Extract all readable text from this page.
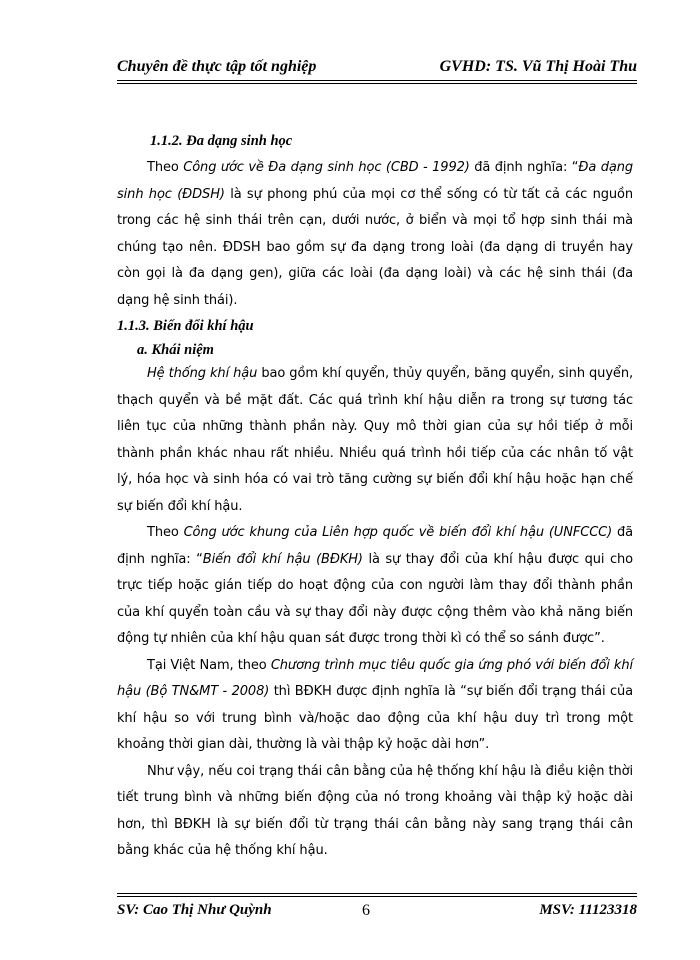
Chuyên đề thực tập tốt nghiệp	GVHD: TS. Vũ Thị Hoài Thu
1.1.2. Đa dạng sinh học

Theo Công ước về Đa dạng sinh học (CBD - 1992) đã định nghĩa: “Đa dạng sinh học (ĐDSH) là sự phong phú của mọi cơ thể sống có từ tất cả các nguồn trong các hệ sinh thái trên cạn, dưới nước, ở biển và mọi tổ hợp sinh thái mà chúng tạo nên. ĐDSH bao gồm sự đa dạng trong loài (đa dạng di truyền hay còn gọi là đa dạng gen), giữa các loài (đa dạng loài) và các hệ sinh thái (đa dạng hệ sinh thái).

1.1.3. Biến đổi khí hậu
a. Khái niệm

Hệ thống khí hậu bao gồm khí quyển, thủy quyển, băng quyển, sinh quyển, thạch quyển và bề mặt đất. Các quá trình khí hậu diễn ra trong sự tương tác liên tục của những thành phần này. Quy mô thời gian của sự hồi tiếp ở mỗi thành phần khác nhau rất nhiều. Nhiều quá trình hồi tiếp của các nhân tố vật lý, hóa học và sinh hóa có vai trò tăng cường sự biến đổi khí hậu hoặc hạn chế sự biến đổi khí hậu.

Theo Công ước khung của Liên hợp quốc về biến đổi khí hậu (UNFCCC) đã định nghĩa: “Biến đổi khí hậu (BĐKH) là sự thay đổi của khí hậu được qui cho trực tiếp hoặc gián tiếp do hoạt động của con người làm thay đổi thành phần của khí quyển toàn cầu và sự thay đổi này được cộng thêm vào khả năng biến động tự nhiên của khí hậu quan sát được trong thời kì có thể so sánh được”.

Tại Việt Nam, theo Chương trình mục tiêu quốc gia ứng phó với biến đổi khí hậu (Bộ TN&MT - 2008) thì BĐKH được định nghĩa là “sự biến đổi trạng thái của khí hậu so với trung bình và/hoặc dao động của khí hậu duy trì trong một khoảng thời gian dài, thường là vài thập kỷ hoặc dài hơn”.

Như vậy, nếu coi trạng thái cân bằng của hệ thống khí hậu là điều kiện thời tiết trung bình và những biến động của nó trong khoảng vài thập kỷ hoặc dài hơn, thì BĐKH là sự biến đổi từ trạng thái cân bằng này sang trạng thái cân bằng khác của hệ thống khí hậu.

SV: Cao Thị Như Quỳnh	6	MSV: 11123318
